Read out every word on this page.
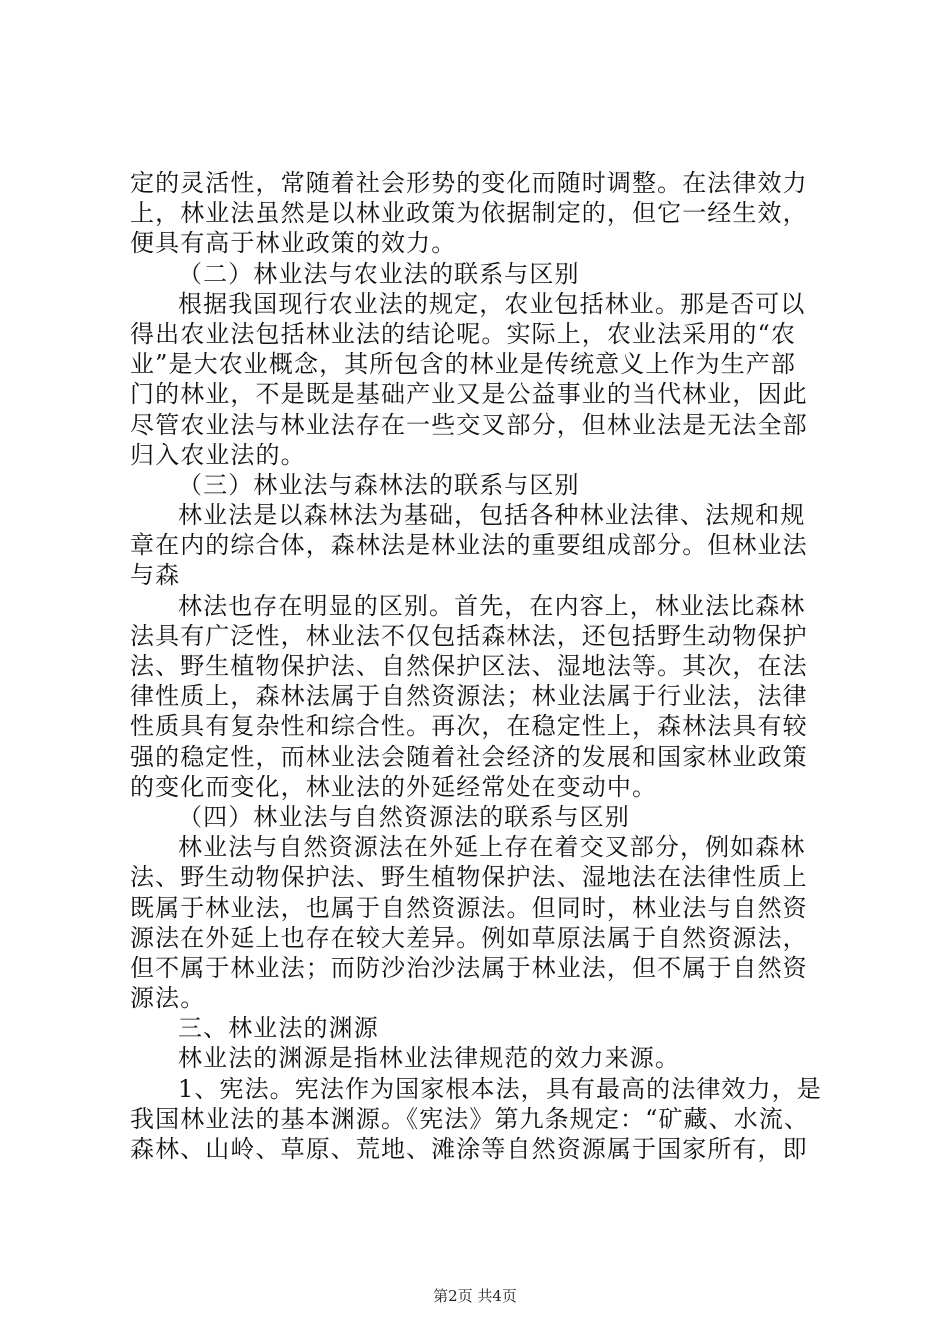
定的灵活性，常随着社会形势的变化而随时调整。在法律效力
上，林业法虽然是以林业政策为依据制定的，但它一经生效，
便具有高于林业政策的效力。
（二）林业法与农业法的联系与区别
根据我国现行农业法的规定，农业包括林业。那是否可以
得出农业法包括林业法的结论呢。实际上，农业法采用的“农
业”是大农业概念，其所包含的林业是传统意义上作为生产部
门的林业，不是既是基础产业又是公益事业的当代林业，因此
尽管农业法与林业法存在一些交叉部分，但林业法是无法全部
归入农业法的。
（三）林业法与森林法的联系与区别
林业法是以森林法为基础，包括各种林业法律、法规和规
章在内的综合体，森林法是林业法的重要组成部分。但林业法
与森
林法也存在明显的区别。首先，在内容上，林业法比森林
法具有广泛性，林业法不仅包括森林法，还包括野生动物保护
法、野生植物保护法、自然保护区法、湿地法等。其次，在法
律性质上，森林法属于自然资源法；林业法属于行业法，法律
性质具有复杂性和综合性。再次，在稳定性上，森林法具有较
强的稳定性，而林业法会随着社会经济的发展和国家林业政策
的变化而变化，林业法的外延经常处在变动中。
（四）林业法与自然资源法的联系与区别
林业法与自然资源法在外延上存在着交叉部分，例如森林
法、野生动物保护法、野生植物保护法、湿地法在法律性质上
既属于林业法，也属于自然资源法。但同时，林业法与自然资
源法在外延上也存在较大差异。例如草原法属于自然资源法，
但不属于林业法；而防沙治沙法属于林业法，但不属于自然资
源法。
三、林业法的渊源
林业法的渊源是指林业法律规范的效力来源。
1、宪法。宪法作为国家根本法，具有最高的法律效力，是
我国林业法的基本渊源。《宪法》第九条规定：“矿藏、水流、
森林、山岭、草原、荒地、滩涂等自然资源属于国家所有，即
第2页 共4页
